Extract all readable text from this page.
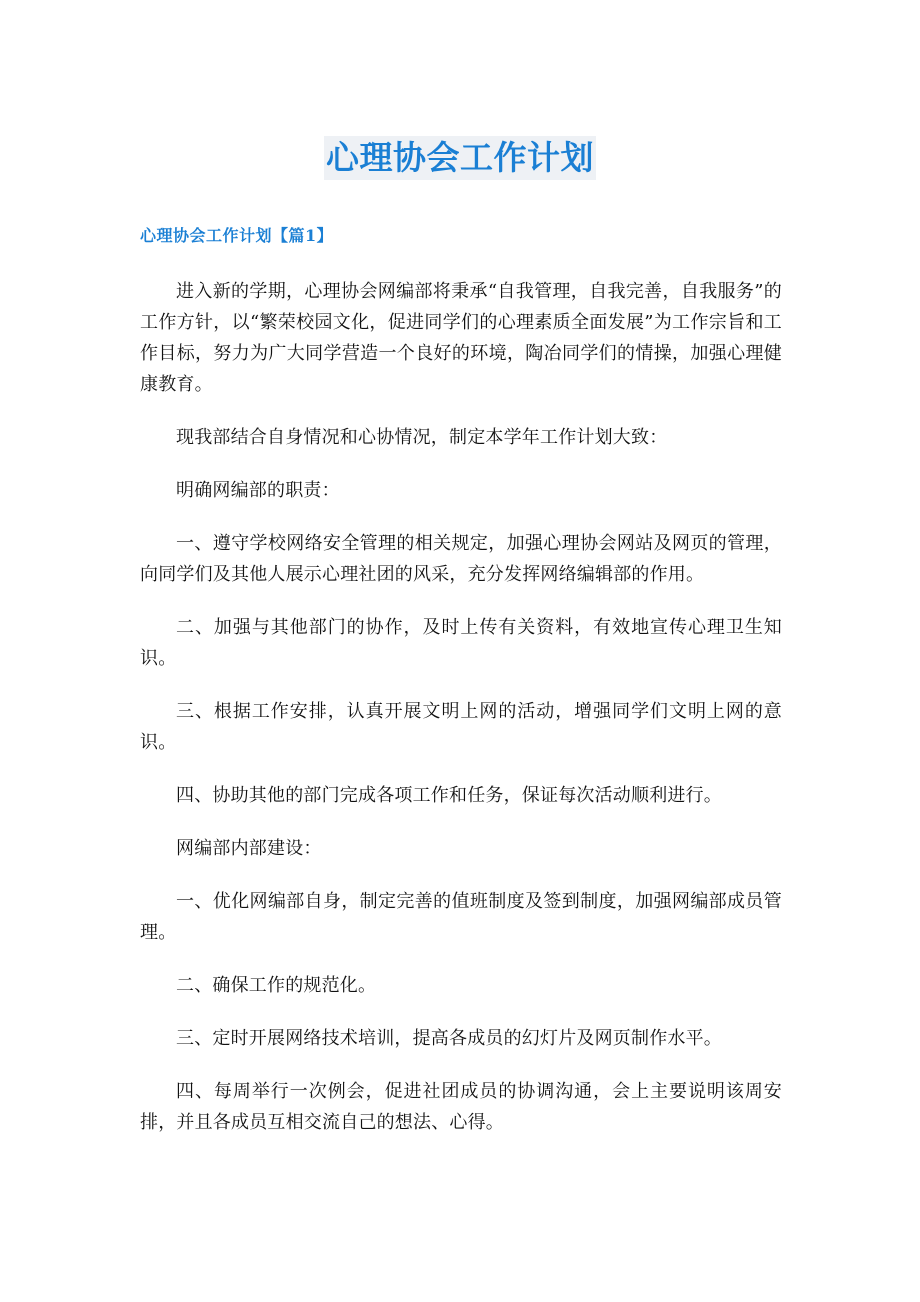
心理协会工作计划
心理协会工作计划【篇1】

进入新的学期，心理协会网编部将秉承“自我管理，自我完善，自我服务”的工作方针，以“繁荣校园文化，促进同学们的心理素质全面发展”为工作宗旨和工作目标，努力为广大同学营造一个良好的环境，陶冶同学们的情操，加强心理健康教育。

现我部结合自身情况和心协情况，制定本学年工作计划大致：

明确网编部的职责：

一、遵守学校网络安全管理的相关规定，加强心理协会网站及网页的管理，向同学们及其他人展示心理社团的风采，充分发挥网络编辑部的作用。

二、加强与其他部门的协作，及时上传有关资料，有效地宣传心理卫生知识。

三、根据工作安排，认真开展文明上网的活动，增强同学们文明上网的意识。

四、协助其他的部门完成各项工作和任务，保证每次活动顺利进行。

网编部内部建设：

一、优化网编部自身，制定完善的值班制度及签到制度，加强网编部成员管理。

二、确保工作的规范化。

三、定时开展网络技术培训，提高各成员的幻灯片及网页制作水平。

四、每周举行一次例会，促进社团成员的协调沟通，会上主要说明该周安排，并且各成员互相交流自己的想法、心得。
